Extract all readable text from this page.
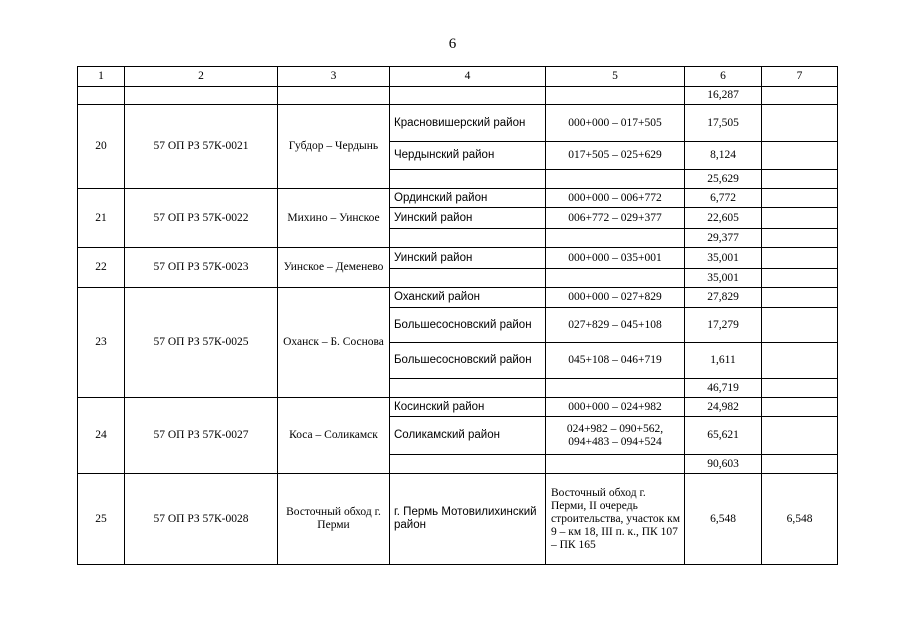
6
1	2	3	4	5	6	7
					16,287	
20	57 ОП РЗ 57К-0021	Губдор – Чердынь	Красновишерский район	000+000 – 017+505	17,505	
			Чердынский район	017+505 – 025+629	8,124	
					25,629	
21	57 ОП РЗ 57К-0022	Михино – Уинское	Ординский район	000+000 – 006+772	6,772	
			Уинский район	006+772 – 029+377	22,605	
					29,377	
22	57 ОП РЗ 57К-0023	Уинское – Деменево	Уинский район	000+000 – 035+001	35,001	
					35,001	
23	57 ОП РЗ 57К-0025	Оханск – Б. Соснова	Оханский район	000+000 – 027+829	27,829	
			Большесосновский район	027+829 – 045+108	17,279	
			Большесосновский район	045+108 – 046+719	1,611	
					46,719	
24	57 ОП РЗ 57К-0027	Коса – Соликамск	Косинский район	000+000 – 024+982	24,982	
			Соликамский район	024+982 – 090+562, 094+483 – 094+524	65,621	
					90,603	
25	57 ОП РЗ 57К-0028	Восточный обход г. Перми	г. Пермь Мотовилихинский район	Восточный обход г. Перми, II очередь строительства, участок км 9 – км 18, III п. к., ПК 107 – ПК 165	6,548	6,548
